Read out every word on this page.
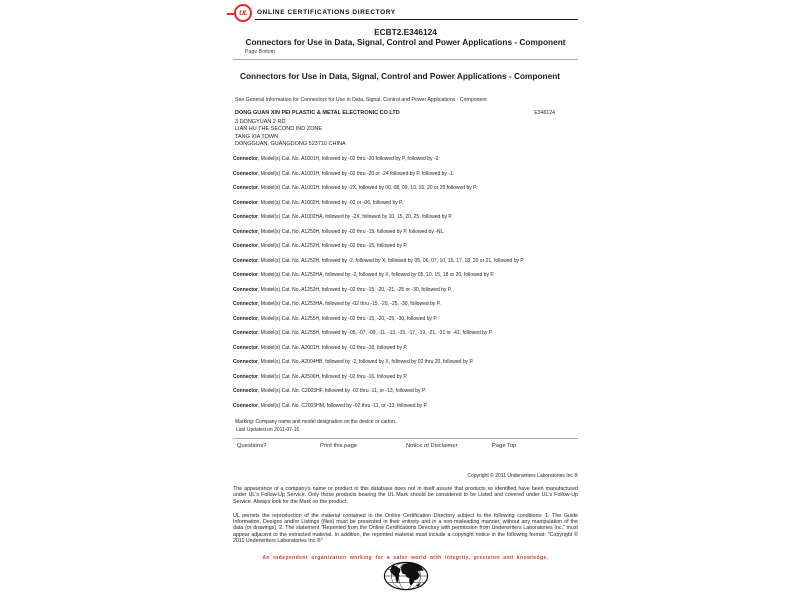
UL ONLINE CERTIFICATIONS DIRECTORY
ECBT2.E346124
Connectors for Use in Data, Signal, Control and Power Applications - Component
Page Bottom
Connectors for Use in Data, Signal, Control and Power Applications - Component
See General Information for Connectors for Use in Data, Signal, Control and Power Applications - Component
DONG GUAN XIN PEI PLASTIC & METAL ELECTRONIC CO LTD	E346124
3 DONGYUAN 2 RD
LIAN HU THE SECOND IND ZONE
TANG XIA TOWN
DONGGUAN, GUANGDONG 523710 CHINA
Connector, Model(s) Cat. No. A1001H, followed by -02 thru -20 followed by P, followed by -2.
Connector, Model(s) Cat. No. A1001H, followed by -02 thru -20 or -24 followed by P, followed by -1.
Connector, Model(s) Cat. No. A1001H, followed by -2X, followed by 06, 08, 09, 10, 15, 20 or 25 followed by P.
Connector, Model(s) Cat. No. A1002H, followed by -02 or -06, followed by P.
Connector, Model(s) Cat. No. A1002HA, followed by -2X, followed by 10, 15, 20, 25, followed by P.
Connector, Model(s) Cat. No. A1250H, followed by -02 thru -15, followed by P, followed by -NL.
Connector, Model(s) Cat. No. A1252H, followed by -02 thru -15, followed by P.
Connector, Model(s) Cat. No. A1252H, followed by -2, followed by X, followed by 05, 06, 07, 10, 15, 17, 18, 20 or 21, followed by P.
Connector, Model(s) Cat. No. A1252HA, followed by -2, followed by X, followed by 05, 10, 15, 18 or 20, followed by P.
Connector, Model(s) Cat. No. A1253H, followed by -02 thru -15, -20, -21, -25 or -30, followed by P.
Connector, Model(s) Cat. No. A1253HA, followed by -02 thru -15, -20, -25, -30, followed by P.
Connector, Model(s) Cat. No. A1255H, followed by -02 thru -15, -20, -25, -30, followed by P.
Connector, Model(s) Cat. No. A1255H, followed by -05, -07, -09, -11, -13, -15, -17, -19, -21, -31 or -41, followed by P.
Connector, Model(s) Cat. No. A2001H, followed by -02 thru -18, followed by P.
Connector, Model(s) Cat. No. A2004HB, followed by -2, followed by X, followed by 02 thru 20, followed by P.
Connector, Model(s) Cat. No. A2506H, followed by -02 thru -16, followed by P.
Connector, Model(s) Cat. No. C2003HF, followed by -02 thru -11, or -13, followed by P.
Connector, Model(s) Cat. No. C2003HM, followed by -02 thru -11, or -13, followed by P.
Marking: Company name and model designation on the device or carton.
Last Updated on 2011-07-16
Questions?	Print this page	Notice of Disclaimer	Page Top
Copyright © 2011 Underwriters Laboratories Inc.®
The appearance of a company's name or product in this database does not in itself assure that products so identified have been manufactured under UL's Follow-Up Service. Only those products bearing the UL Mark should be considered to be Listed and covered under UL's Follow-Up Service. Always look for the Mark on the product.
UL permits the reproduction of the material contained in the Online Certification Directory subject to the following conditions: 1. The Guide Information, Designs and/or Listings (files) must be presented in their entirety and in a non-misleading manner, without any manipulation of the data (or drawings). 2. The statement "Reprinted from the Online Certifications Directory with permission from Underwriters Laboratories Inc." must appear adjacent to the extracted material. In addition, the reprinted material must include a copyright notice in the following format: "Copyright © 2011 Underwriters Laboratories Inc.®"
An independent organization working for a safer world with integrity, precision and knowledge.
